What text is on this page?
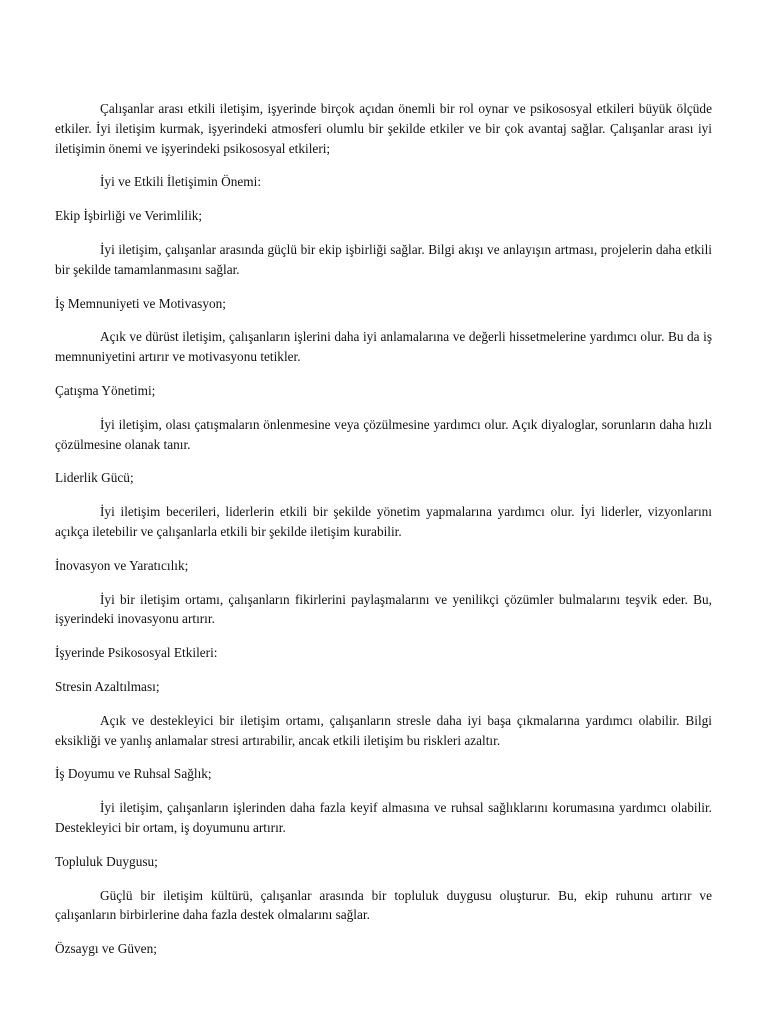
Çalışanlar arası etkili iletişim, işyerinde birçok açıdan önemli bir rol oynar ve psikososyal etkileri büyük ölçüde etkiler. İyi iletişim kurmak, işyerindeki atmosferi olumlu bir şekilde etkiler ve bir çok avantaj sağlar. Çalışanlar arası iyi iletişimin önemi ve işyerindeki psikososyal etkileri;

İyi ve Etkili İletişimin Önemi:

Ekip İşbirliği ve Verimlilik;

İyi iletişim, çalışanlar arasında güçlü bir ekip işbirliği sağlar. Bilgi akışı ve anlayışın artması, projelerin daha etkili bir şekilde tamamlanmasını sağlar.

İş Memnuniyeti ve Motivasyon;

Açık ve dürüst iletişim, çalışanların işlerini daha iyi anlamalarına ve değerli hissetmelerine yardımcı olur. Bu da iş memnuniyetini artırır ve motivasyonu tetikler.

Çatışma Yönetimi;

İyi iletişim, olası çatışmaların önlenmesine veya çözülmesine yardımcı olur. Açık diyaloglar, sorunların daha hızlı çözülmesine olanak tanır.

Liderlik Gücü;

İyi iletişim becerileri, liderlerin etkili bir şekilde yönetim yapmalarına yardımcı olur. İyi liderler, vizyonlarını açıkça iletebilir ve çalışanlarla etkili bir şekilde iletişim kurabilir.

İnovasyon ve Yaratıcılık;

İyi bir iletişim ortamı, çalışanların fikirlerini paylaşmalarını ve yenilikçi çözümler bulmalarını teşvik eder. Bu, işyerindeki inovasyonu artırır.

İşyerinde Psikososyal Etkileri:

Stresin Azaltılması;

Açık ve destekleyici bir iletişim ortamı, çalışanların stresle daha iyi başa çıkmalarına yardımcı olabilir. Bilgi eksikliği ve yanlış anlamalar stresi artırabilir, ancak etkili iletişim bu riskleri azaltır.

İş Doyumu ve Ruhsal Sağlık;

İyi iletişim, çalışanların işlerinden daha fazla keyif almasına ve ruhsal sağlıklarını korumasına yardımcı olabilir. Destekleyici bir ortam, iş doyumunu artırır.

Topluluk Duygusu;

Güçlü bir iletişim kültürü, çalışanlar arasında bir topluluk duygusu oluşturur. Bu, ekip ruhunu artırır ve çalışanların birbirlerine daha fazla destek olmalarını sağlar.

Özsaygı ve Güven;
